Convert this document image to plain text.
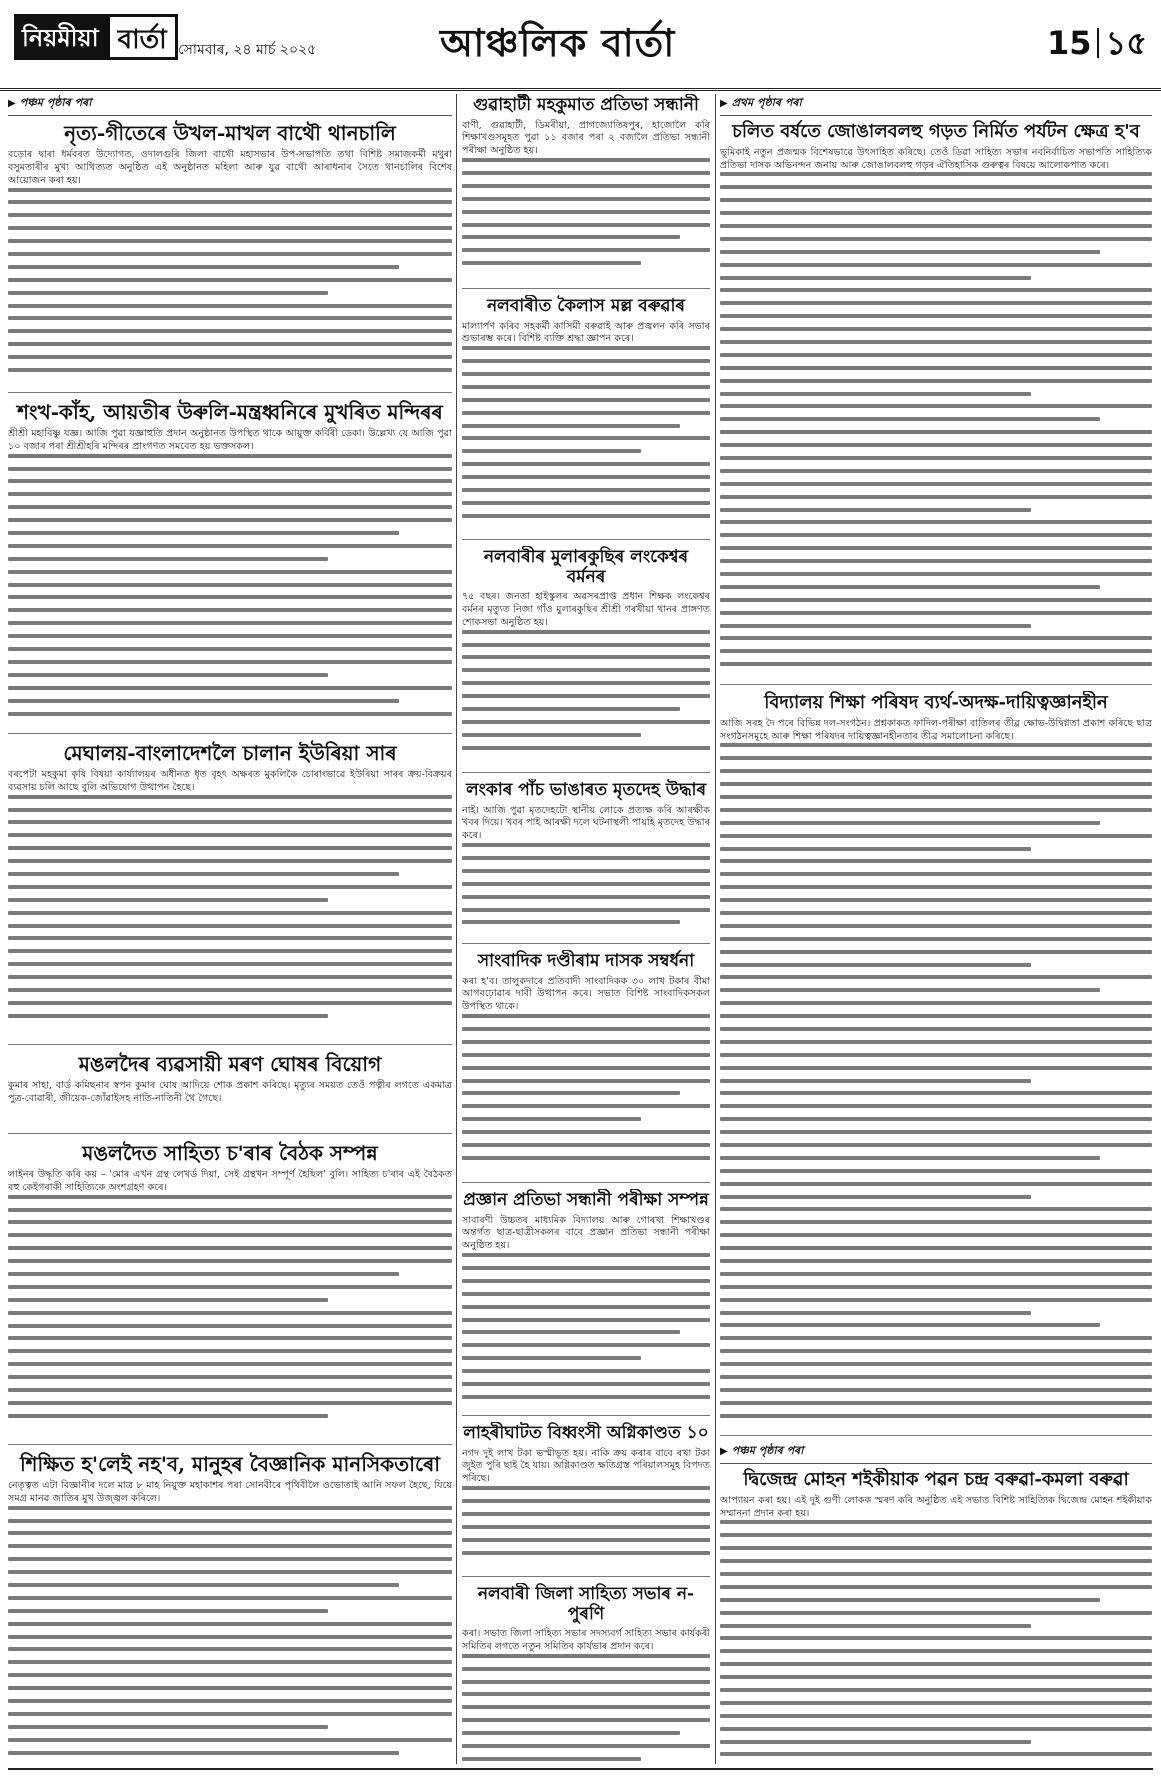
নিয়মীয়া বাৰ্তা সোমবাৰ, ২৪ মাৰ্চ ২০২৫	আঞ্চলিক বাৰ্তা	15 ১৫
▶ পঞ্চম পৃষ্ঠাৰ পৰা
নৃত্য-গীতেৰে উখল-মাখল বাথৌ থানচালি

বড়োৰ দ্বাৰা ধৰ্মবৰত উদ্যোগত, ওদালগুৰি জিলা বাথৌ মহাসভাৰ উপ-সভাপতি তথা বিশিষ্ট সমাজকৰ্মী মথুৰা বসুমতাৰীৰ মুখ্য আথিত্যত অনুষ্ঠিত এই অনুষ্ঠানত মহিলা আৰু যুৱ বাথৌ আৰাধনাৰ সৈতে থানচালিৰ বিশেষ আয়োজন কৰা হয়।

শংখ-কাঁহ, আয়তীৰ উৰুলি-মন্ত্ৰধ্বনিৰে মুখৰিত মন্দিৰৰ

শ্ৰীশ্ৰী মহাবিষ্ণু যজ্ঞ। আজি পুৱা যজ্ঞাহুতি প্ৰদান অনুষ্ঠানত উপস্থিত থাকে আয়ুক্ত কৰ্বিৰী ডেকা। উল্লেখ্য যে আজি পুৱা ১০ বজাৰ পৰা শ্ৰীশ্ৰীহৰি মন্দিৰৰ প্ৰাংগণত সমবেত হয় ভক্তসকল।

মেঘালয়-বাংলাদেশলৈ চালান ইউৰিয়া সাৰ

বৰপেটা মহকুমা কৃষি বিষয়া কাৰ্য্যালয়ৰ অধীনত ধৃত বৃহৎ অক্ষৰত মুকলিকৈ চোৰাংভাৱে ইউৰিয়া সাৰৰ ক্ৰয়-বিক্ৰয়ৰ ব্যৱসায় চলি আছে বুলি অভিযোগ উত্থাপন হৈছে।

মঙলদৈৰ ব্যৱসায়ী মৰণ ঘোষৰ বিয়োগ

কুমাৰ সাহা, বাৰ্ড কমিছনাৰ স্বপন কুমাৰ ঘোষ আদিয়ে শোক প্ৰকাশ কৰিছে। মৃত্যুৰ সময়ত তেওঁ পত্নীৰ লগতে একমাত্ৰ পুত্ৰ-বোৱাৰী, জীয়েক-জোঁৱাইসহ নাতি-নাতিনী থৈ গৈছে।

মঙলদৈত সাহিত্য চ'ৰাৰ বৈঠক সম্পন্ন

লাইনৰ উদ্ধৃতি কৰি কয় – 'মোৰ এখন গ্ৰন্থ লেখৰ্ড দিয়া, সেই গ্ৰন্থখন সম্পূৰ্ণ হৈছিল' বুলি। সাহিত্য চ'ৰাৰ এই বৈঠকত বহু কেইগৰাকী সাহিত্যিকে অংশগ্ৰহণ কৰে।

শিক্ষিত হ'লেই নহ'ব, মানুহৰ বৈজ্ঞানিক মানসিকতাৰো

নেতৃত্বত এটা বিজ্ঞানীৰ দলে মাত্ৰ ৮ মাহ নিয়ুক্ত মহাকাশৰ পৰা সোনবীৰে পৃথিবীলৈ ওভোতাই আনি সফল হৈছে, যিয়ে সমগ্ৰ মানৱ জাতিৰ মুখ উজ্জ্বল কৰিলে।

গুৱাহাটী মহকুমাত প্ৰতিভা সন্ধানী

বাণী, গুৱাহাটী, ডিমৰীয়া, প্ৰাগজ্যোতিষপুৰ, হাজোলৈ কৰি শিক্ষাখণ্ডসমূহত পুৱা ১১ বজাৰ পৰা ২ বজালৈ প্ৰতিভা সন্ধানী পৰীক্ষা অনুষ্ঠিত হয়।

নলবাৰীত কৈলাস মল্ল বৰুৱাৰ

মাল্যাৰ্পণ কৰিব সহকৰ্মী কাসিমী বৰুৱাই আৰু প্ৰজ্বলন কৰি সভাৰ শুভাৰম্ভ কৰে। বিশিষ্ট ব্যক্তি শ্ৰদ্ধা জ্ঞাপন কৰে।

নলবাৰীৰ মুলাৰকুছিৰ লংকেশ্বৰ বৰ্মনৰ

৭৫ বছৰ। জনতা হাইস্কুলৰ অৱসৰপ্ৰাপ্ত প্ৰধান শিক্ষক লংকেশ্বৰ বৰ্মনৰ মৃত্যুত নিজা গাঁও মুলাৰকুছিৰ শ্ৰীশ্ৰী গৰখীয়া থানৰ প্ৰাঙ্গণত শোকসভা অনুষ্ঠিত হয়।

লংকাৰ পাঁচ ভাঙাৰত মৃতদেহ উদ্ধাৰ

নাই। আজি পুৱা মৃতদেহটো স্থানীয় লোকে প্ৰত্যক্ষ কৰি আৰক্ষীক খবৰ দিয়ে। খবৰ পাই আৰক্ষী দলে ঘটনাস্থলী পায়হি মৃতদেহ উদ্ধাৰ কৰে।

সাংবাদিক দণ্ডীৰাম দাসক সম্বৰ্ধনা

কৰা হ'ব। তালুকদাৰে প্ৰতিবাদী সাংবাদিকক ৩০ লাখ টকাৰ বীমা আগবঢ়োৱাৰ দাবী উত্থাপন কৰে। সভাত বিশিষ্ট সাংবাদিকসকল উপস্থিত থাকে।

প্ৰজ্ঞান প্ৰতিভা সন্ধানী পৰীক্ষা সম্পন্ন

সাবাৰণী উচ্চতৰ মাধ্যমিক বিদ্যালয় আৰু গোৰখা শিক্ষাখণ্ডৰ অন্তৰ্গত ছাত্ৰ-ছাত্ৰীসকলৰ বাবে প্ৰজ্ঞান প্ৰতিভা সন্ধানী পৰীক্ষা অনুষ্ঠিত হয়।

লাহৰীঘাটত বিধ্বংসী অগ্নিকাণ্ডত ১০

নগদ দুই লাখ টকা ভস্মীভূত হয়। নাকি ক্ৰয় কৰাৰ বাবে ৰখা টকা জুইত পুৰি ছাই হৈ যায়। অগ্নিকাণ্ডত ক্ষতিগ্ৰস্ত পৰিয়ালসমূহ বিপদত পৰিছে।

নলবাৰী জিলা সাহিত্য সভাৰ ন-পুৰণি

কৰা। সভাত জিলা সাহিত্য সভাৰ সদস্যবৰ্গ সাহিত্য সভাৰ কাৰ্যকৰী সমিতিৰ লগতে নতুন সমিতিৰ কাৰ্যভাৰ প্ৰদান কৰে।

▶ প্ৰথম পৃষ্ঠাৰ পৰা
চলিত বৰ্ষতে জোঙালবলহু গড়ত নিৰ্মিত পৰ্যটন ক্ষেত্ৰ হ'ব

ভূমিকাই নতুন প্ৰজন্মক বিশেষভাৱে উৎসাহিত কৰিছে। তেওঁ ডিৱা সাহিত্য সভাৰ নবনিৰ্বাচিত সভাপতি সাহিত্যিক প্ৰতিভা দাসক অভিনন্দন জনায় আৰু জোঙালবলহু গড়ৰ ঐতিহাসিক গুৰুত্বৰ বিষয়ে আলোকপাত কৰে।

বিদ্যালয় শিক্ষা পৰিষদ ব্যৰ্থ-অদক্ষ-দায়িত্বজ্ঞানহীন

আজি সৰহ দৈ পৰে বিভিন্ন দল-সংগঠন। প্ৰশ্নকাকত ফাদিল-পৰীক্ষা বাতিলৰ তীৱ্ৰ ক্ষোভ-উদ্বিগ্নতা প্ৰকাশ কৰিছে ছাত্ৰ সংগঠনসমূহে আৰু শিক্ষা পৰিষদৰ দায়িত্বজ্ঞানহীনতাৰ তীব্ৰ সমালোচনা কৰিছে।

▶ পঞ্চম পৃষ্ঠাৰ পৰা
দ্বিজেন্দ্ৰ মোহন শইকীয়াক পৱন চন্দ্ৰ বৰুৱা-কমলা বৰুৱা

আপ্যায়ন কৰা হয়। এই দুই গুণী লোকক স্মৰণ কৰি অনুষ্ঠিত এই সভাত বিশিষ্ট সাহিত্যিক দ্বিজেন্দ্ৰ মোহন শইকীয়াক সম্মাননা প্ৰদান কৰা হয়।
